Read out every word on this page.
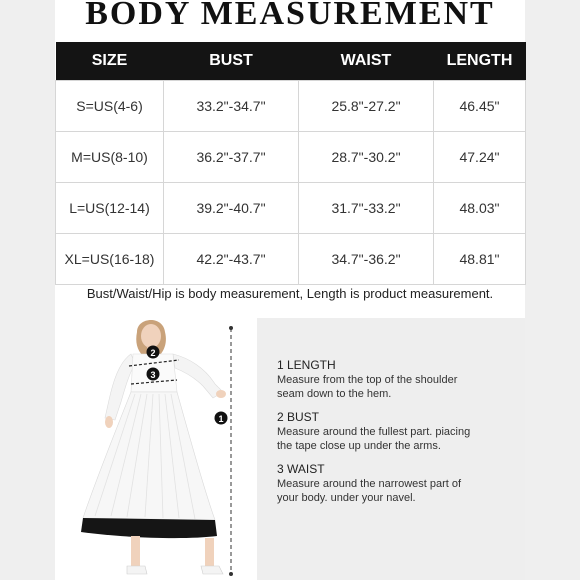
BODY MEASUREMENT
SIZE	BUST	WAIST	LENGTH
S=US(4-6)	33.2"-34.7"	25.8"-27.2"	46.45"
M=US(8-10)	36.2"-37.7"	28.7"-30.2"	47.24"
L=US(12-14)	39.2"-40.7"	31.7"-33.2"	48.03"
XL=US(16-18)	42.2"-43.7"	34.7"-36.2"	48.81"
Bust/Waist/Hip is body measurement, Length is product measurement.
2
3
1
1 LENGTH
Measure from the top of the shoulder
seam down to the hem.
2 BUST
Measure around the fullest part. piacing
the tape close up under the arms.
3 WAIST
Measure around the narrowest part of
your body. under your navel.
